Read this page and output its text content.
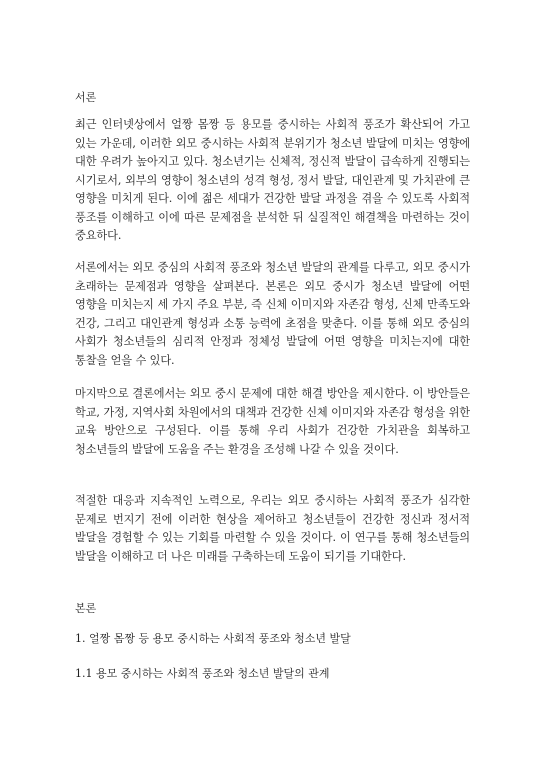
서론

최근 인터넷상에서 얼짱 몸짱 등 용모를 중시하는 사회적 풍조가 확산되어 가고 있는 가운데, 이러한 외모 중시하는 사회적 분위기가 청소년 발달에 미치는 영향에 대한 우려가 높아지고 있다. 청소년기는 신체적, 정신적 발달이 급속하게 진행되는 시기로서, 외부의 영향이 청소년의 성격 형성, 정서 발달, 대인관계 및 가치관에 큰 영향을 미치게 된다. 이에 젊은 세대가 건강한 발달 과정을 겪을 수 있도록 사회적 풍조를 이해하고 이에 따른 문제점을 분석한 뒤 실질적인 해결책을 마련하는 것이 중요하다.

서론에서는 외모 중심의 사회적 풍조와 청소년 발달의 관계를 다루고, 외모 중시가 초래하는 문제점과 영향을 살펴본다. 본론은 외모 중시가 청소년 발달에 어떤 영향을 미치는지 세 가지 주요 부분, 즉 신체 이미지와 자존감 형성, 신체 만족도와 건강, 그리고 대인관계 형성과 소통 능력에 초점을 맞춘다. 이를 통해 외모 중심의 사회가 청소년들의 심리적 안정과 정체성 발달에 어떤 영향을 미치는지에 대한 통찰을 얻을 수 있다.

마지막으로 결론에서는 외모 중시 문제에 대한 해결 방안을 제시한다. 이 방안들은 학교, 가정, 지역사회 차원에서의 대책과 건강한 신체 이미지와 자존감 형성을 위한 교육 방안으로 구성된다. 이를 통해 우리 사회가 건강한 가치관을 회복하고 청소년들의 발달에 도움을 주는 환경을 조성해 나갈 수 있을 것이다.

적절한 대응과 지속적인 노력으로, 우리는 외모 중시하는 사회적 풍조가 심각한 문제로 번지기 전에 이러한 현상을 제어하고 청소년들이 건강한 정신과 정서적 발달을 경험할 수 있는 기회를 마련할 수 있을 것이다. 이 연구를 통해 청소년들의 발달을 이해하고 더 나은 미래를 구축하는데 도움이 되기를 기대한다.

본론
1. 얼짱 몸짱 등 용모 중시하는 사회적 풍조와 청소년 발달
1.1 용모 중시하는 사회적 풍조와 청소년 발달의 관계
